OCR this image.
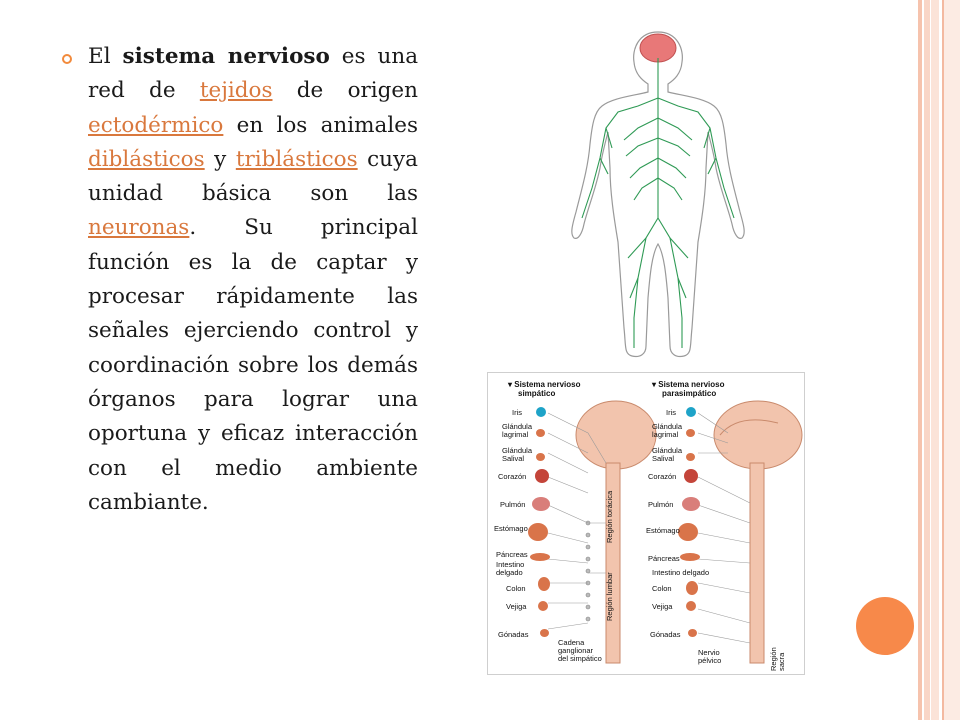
El sistema nervioso es una red de tejidos de origen ectodérmico en los animales diblásticos y triblásticos cuya unidad básica son las neuronas. Su principal función es la de captar y procesar rápidamente las señales ejerciendo control y coordinación sobre los demás órganos para lograr una oportuna y eficaz interacción con el medio ambiente cambiante.

▾ Sistema nervioso
simpático
▾ Sistema nervioso
parasimpático
Iris
Glándula
lagrimal
Glándula
Salival
Corazón
Pulmón
Estómago
Páncreas
Intestino
delgado
Colon
Vejiga
Gónadas
Iris
Glándula
lagrimal
Glándula
Salival
Corazón
Pulmón
Estómago
Páncreas
Intestino delgado
Colon
Vejiga
Gónadas
Región torácica
Región lumbar
Región sacra
Cadena
ganglionar
del simpático
Nervio
pélvico
